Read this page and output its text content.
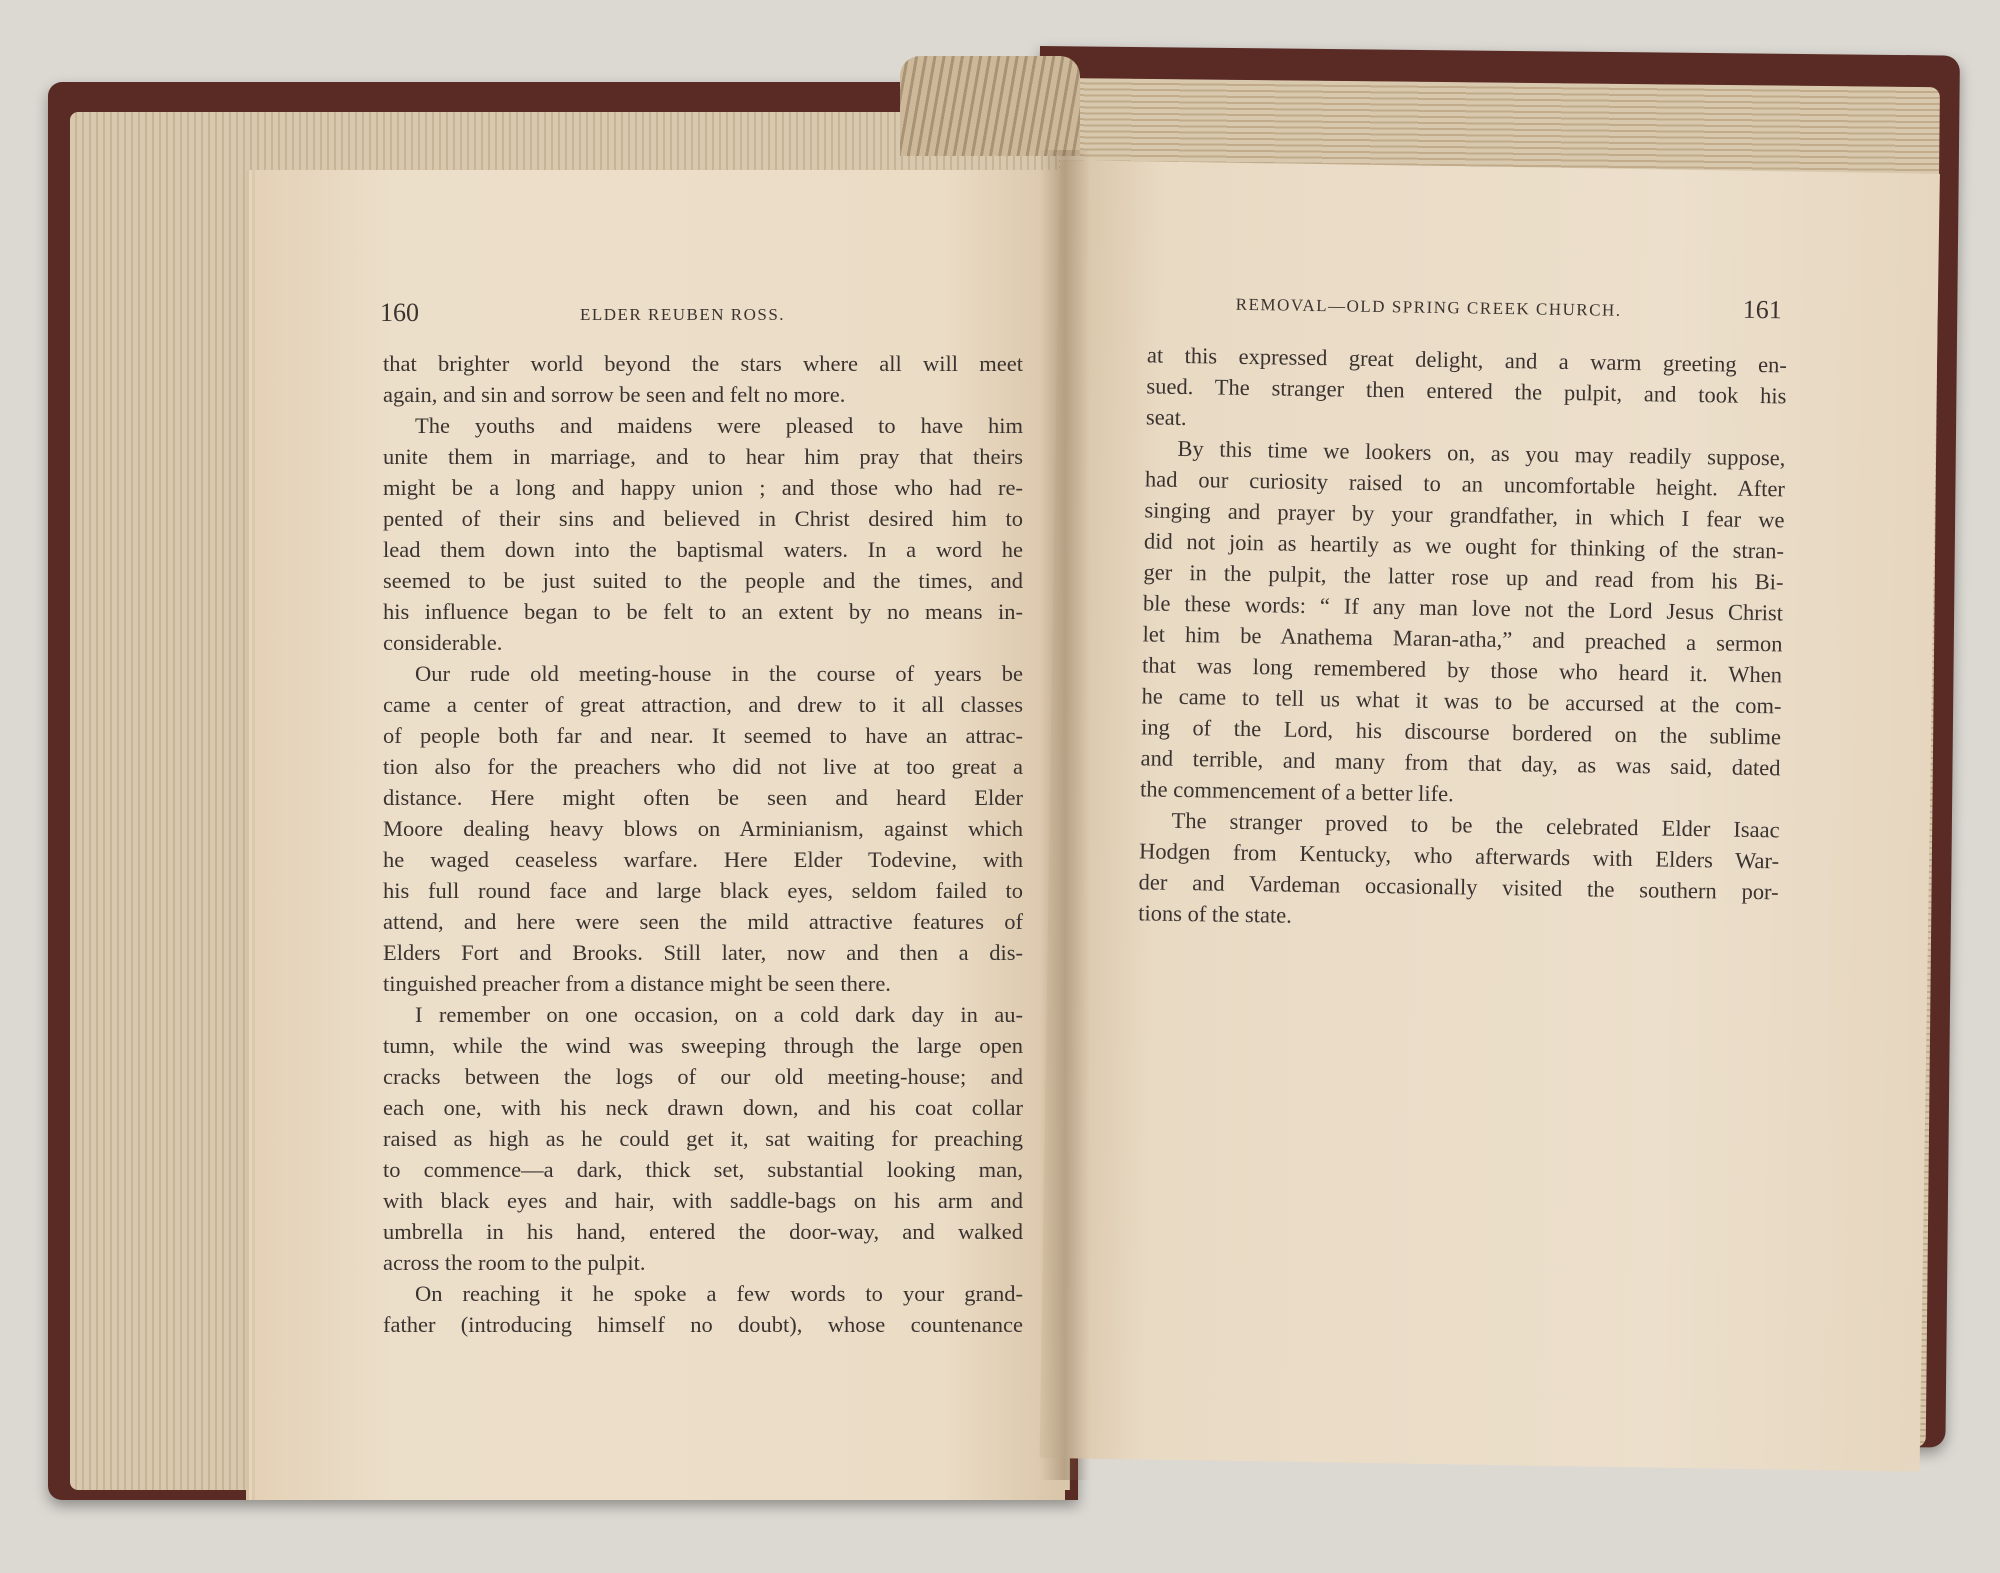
160	ELDER REUBEN ROSS.
that brighter world beyond the stars where all will meet
again, and sin and sorrow be seen and felt no more.
The youths and maidens were pleased to have him
unite them in marriage, and to hear him pray that theirs
might be a long and happy union ; and those who had re-
pented of their sins and believed in Christ desired him to
lead them down into the baptismal waters. In a word he
seemed to be just suited to the people and the times, and
his influence began to be felt to an extent by no means in-
considerable.
Our rude old meeting-house in the course of years be
came a center of great attraction, and drew to it all classes
of people both far and near. It seemed to have an attrac-
tion also for the preachers who did not live at too great a
distance. Here might often be seen and heard Elder
Moore dealing heavy blows on Arminianism, against which
he waged ceaseless warfare. Here Elder Todevine, with
his full round face and large black eyes, seldom failed to
attend, and here were seen the mild attractive features of
Elders Fort and Brooks. Still later, now and then a dis-
tinguished preacher from a distance might be seen there.
I remember on one occasion, on a cold dark day in au-
tumn, while the wind was sweeping through the large open
cracks between the logs of our old meeting-house; and
each one, with his neck drawn down, and his coat collar
raised as high as he could get it, sat waiting for preaching
to commence—a dark, thick set, substantial looking man,
with black eyes and hair, with saddle-bags on his arm and
umbrella in his hand, entered the door-way, and walked
across the room to the pulpit.
On reaching it he spoke a few words to your grand-
father (introducing himself no doubt), whose countenance
REMOVAL—OLD SPRING CREEK CHURCH.	161
at this expressed great delight, and a warm greeting en-
sued. The stranger then entered the pulpit, and took his
seat.
By this time we lookers on, as you may readily suppose,
had our curiosity raised to an uncomfortable height. After
singing and prayer by your grandfather, in which I fear we
did not join as heartily as we ought for thinking of the stran-
ger in the pulpit, the latter rose up and read from his Bi-
ble these words: “ If any man love not the Lord Jesus Christ
let him be Anathema Maran-atha,” and preached a sermon
that was long remembered by those who heard it. When
he came to tell us what it was to be accursed at the com-
ing of the Lord, his discourse bordered on the sublime
and terrible, and many from that day, as was said, dated
the commencement of a better life.
The stranger proved to be the celebrated Elder Isaac
Hodgen from Kentucky, who afterwards with Elders War-
der and Vardeman occasionally visited the southern por-
tions of the state.
